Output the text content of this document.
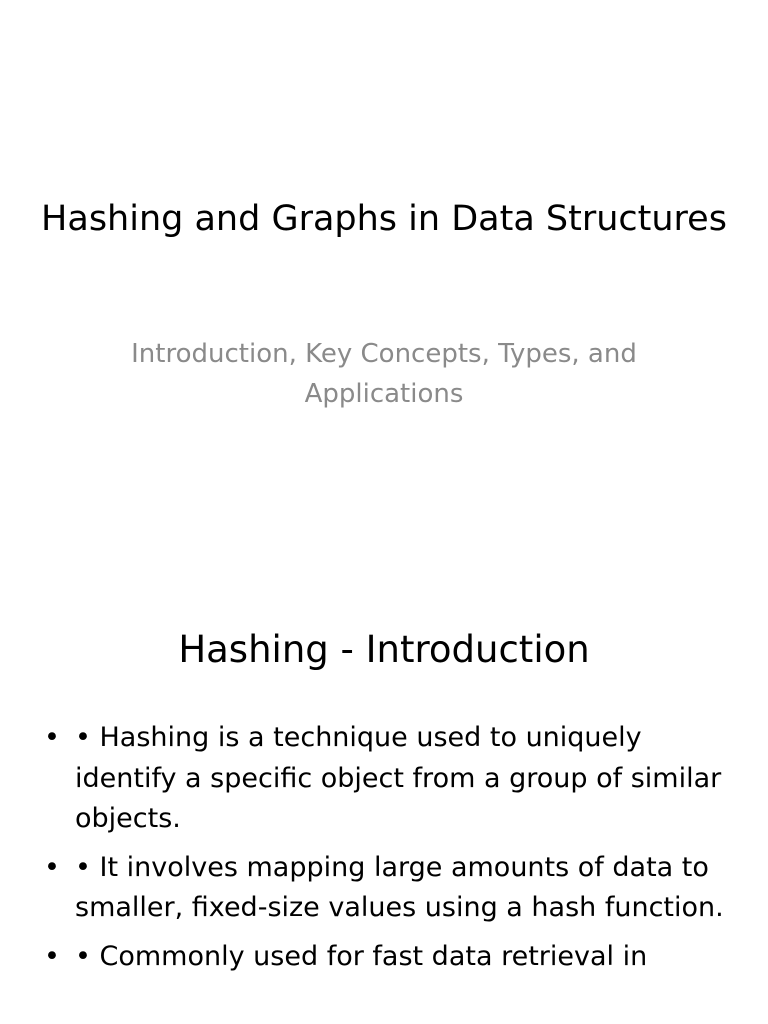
Hashing and Graphs in Data Structures

Introduction, Key Concepts, Types, and Applications

Hashing - Introduction
• • Hashing is a technique used to uniquely identify a specific object from a group of similar objects.
• • It involves mapping large amounts of data to smaller, fixed-size values using a hash function.
• • Commonly used for fast data retrieval in
